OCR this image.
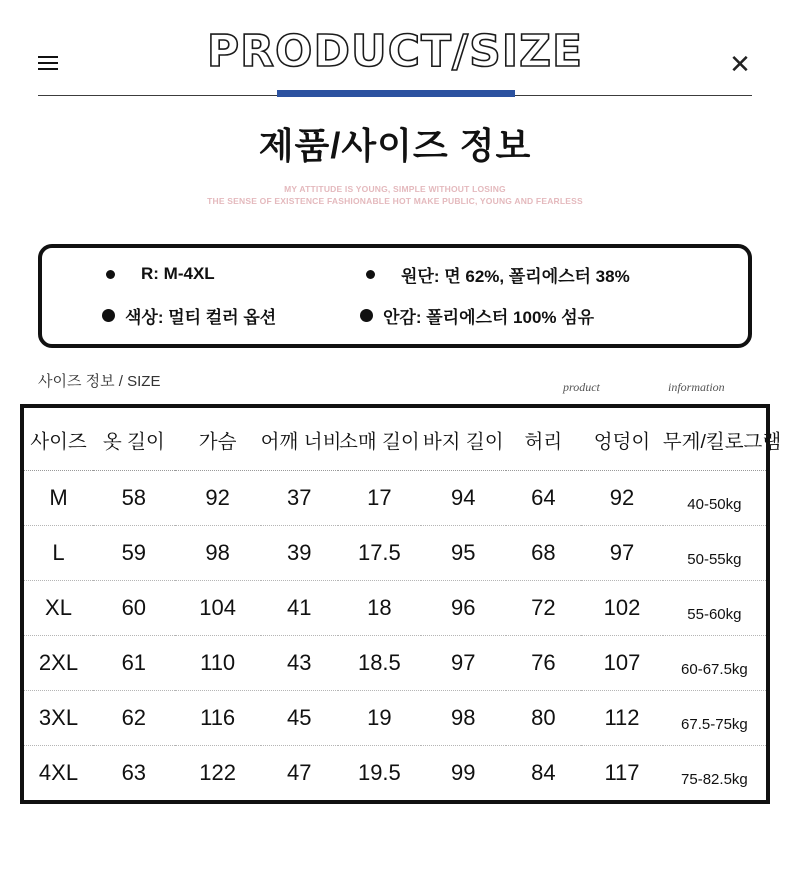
PRODUCT/SIZE	✕
제품/사이즈 정보
MY ATTITUDE IS YOUNG, SIMPLE WITHOUT LOSING
THE SENSE OF EXISTENCE FASHIONABLE HOT MAKE PUBLIC, YOUNG AND FEARLESS
R: M-4XL	원단: 면 62%, 폴리에스터 38%
색상: 멀티 컬러 옵션	안감: 폴리에스터 100% 섬유
사이즈 정보 / SIZE	product	information
사이즈	옷 길이	가슴	어깨 너비	소매 길이	바지 길이	허리	엉덩이	무게/킬로그램
M	58	92	37	17	94	64	92	40-50kg
L	59	98	39	17.5	95	68	97	50-55kg
XL	60	104	41	18	96	72	102	55-60kg
2XL	61	110	43	18.5	97	76	107	60-67.5kg
3XL	62	116	45	19	98	80	112	67.5-75kg
4XL	63	122	47	19.5	99	84	117	75-82.5kg
